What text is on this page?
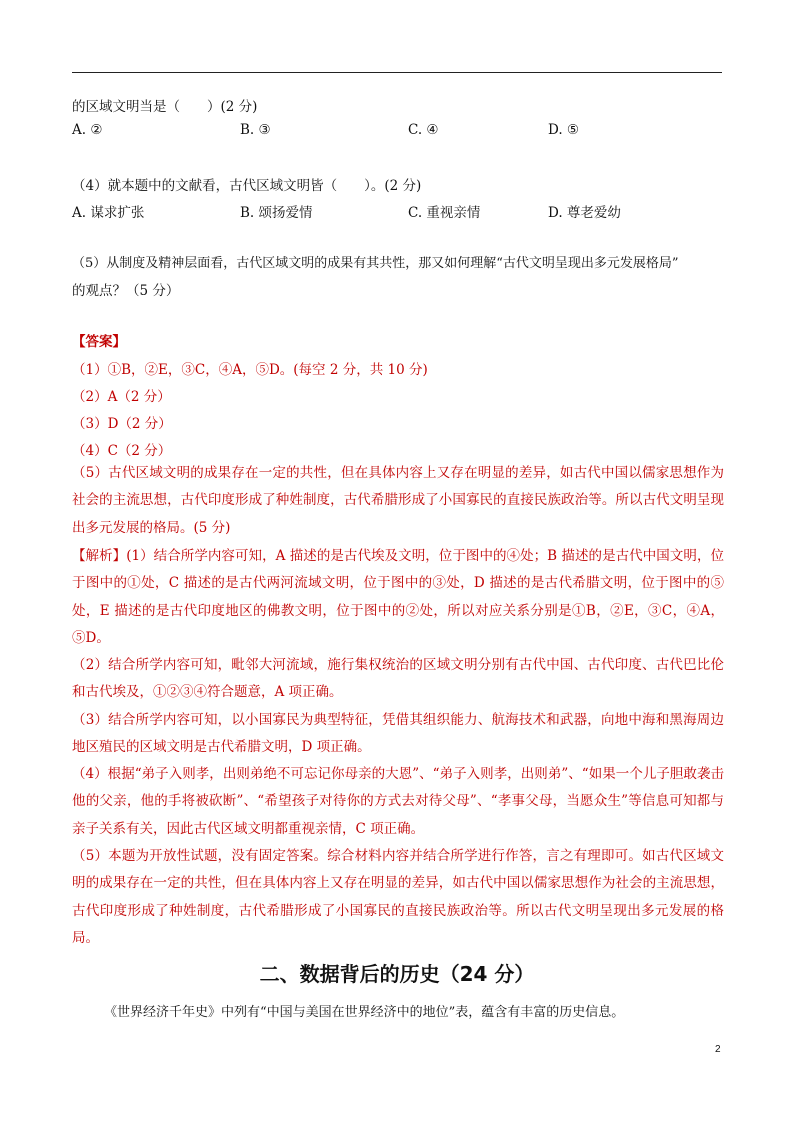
的区域文明当是（　　）(2 分)
A. ②	B. ③	C. ④	D. ⑤
（4）就本题中的文献看，古代区域文明皆（　　）。(2 分)
A. 谋求扩张	B. 颂扬爱情	C. 重视亲情	D. 尊老爱幼
（5）从制度及精神层面看，古代区域文明的成果有其共性，那又如何理解“古代文明呈现出多元发展格局”
的观点？（5 分）
【答案】
（1）①B，②E，③C，④A，⑤D。(每空 2 分，共 10 分)
（2）A（2 分）
（3）D（2 分）
（4）C（2 分）
（5）古代区域文明的成果存在一定的共性，但在具体内容上又存在明显的差异，如古代中国以儒家思想作为社会的主流思想，古代印度形成了种姓制度，古代希腊形成了小国寡民的直接民族政治等。所以古代文明呈现出多元发展的格局。(5 分)
【解析】(1）结合所学内容可知，A 描述的是古代埃及文明，位于图中的④处；B 描述的是古代中国文明，位于图中的①处，C 描述的是古代两河流域文明，位于图中的③处，D 描述的是古代希腊文明，位于图中的⑤处，E 描述的是古代印度地区的佛教文明，位于图中的②处，所以对应关系分别是①B，②E，③C，④A，⑤D。
（2）结合所学内容可知，毗邻大河流域，施行集权统治的区域文明分别有古代中国、古代印度、古代巴比伦和古代埃及，①②③④符合题意，A 项正确。
（3）结合所学内容可知，以小国寡民为典型特征，凭借其组织能力、航海技术和武器，向地中海和黑海周边地区殖民的区域文明是古代希腊文明，D 项正确。
（4）根据“弟子入则孝，出则弟绝不可忘记你母亲的大恩”、“弟子入则孝，出则弟”、“如果一个儿子胆敢袭击他的父亲，他的手将被砍断”、“希望孩子对待你的方式去对待父母”、“孝事父母，当愿众生”等信息可知都与亲子关系有关，因此古代区域文明都重视亲情，C 项正确。
（5）本题为开放性试题，没有固定答案。综合材料内容并结合所学进行作答，言之有理即可。如古代区域文明的成果存在一定的共性，但在具体内容上又存在明显的差异，如古代中国以儒家思想作为社会的主流思想，古代印度形成了种姓制度，古代希腊形成了小国寡民的直接民族政治等。所以古代文明呈现出多元发展的格局。
二、数据背后的历史（24 分）
《世界经济千年史》中列有“中国与美国在世界经济中的地位”表，蕴含有丰富的历史信息。
2
